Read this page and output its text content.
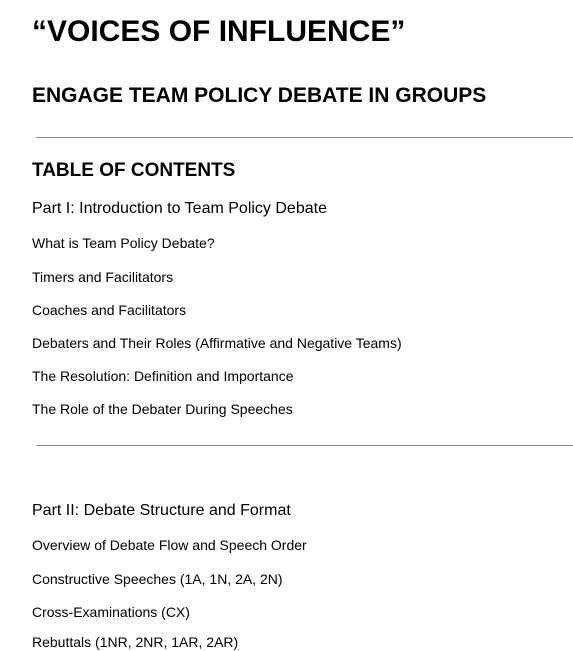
“VOICES OF INFLUENCE”
ENGAGE TEAM POLICY DEBATE IN GROUPS
TABLE OF CONTENTS
Part I: Introduction to Team Policy Debate
What is Team Policy Debate?
Timers and Facilitators
Coaches and Facilitators
Debaters and Their Roles (Affirmative and Negative Teams)
The Resolution: Definition and Importance
The Role of the Debater During Speeches
Part II: Debate Structure and Format
Overview of Debate Flow and Speech Order
Constructive Speeches (1A, 1N, 2A, 2N)
Cross-Examinations (CX)
Rebuttals (1NR, 2NR, 1AR, 2AR)
